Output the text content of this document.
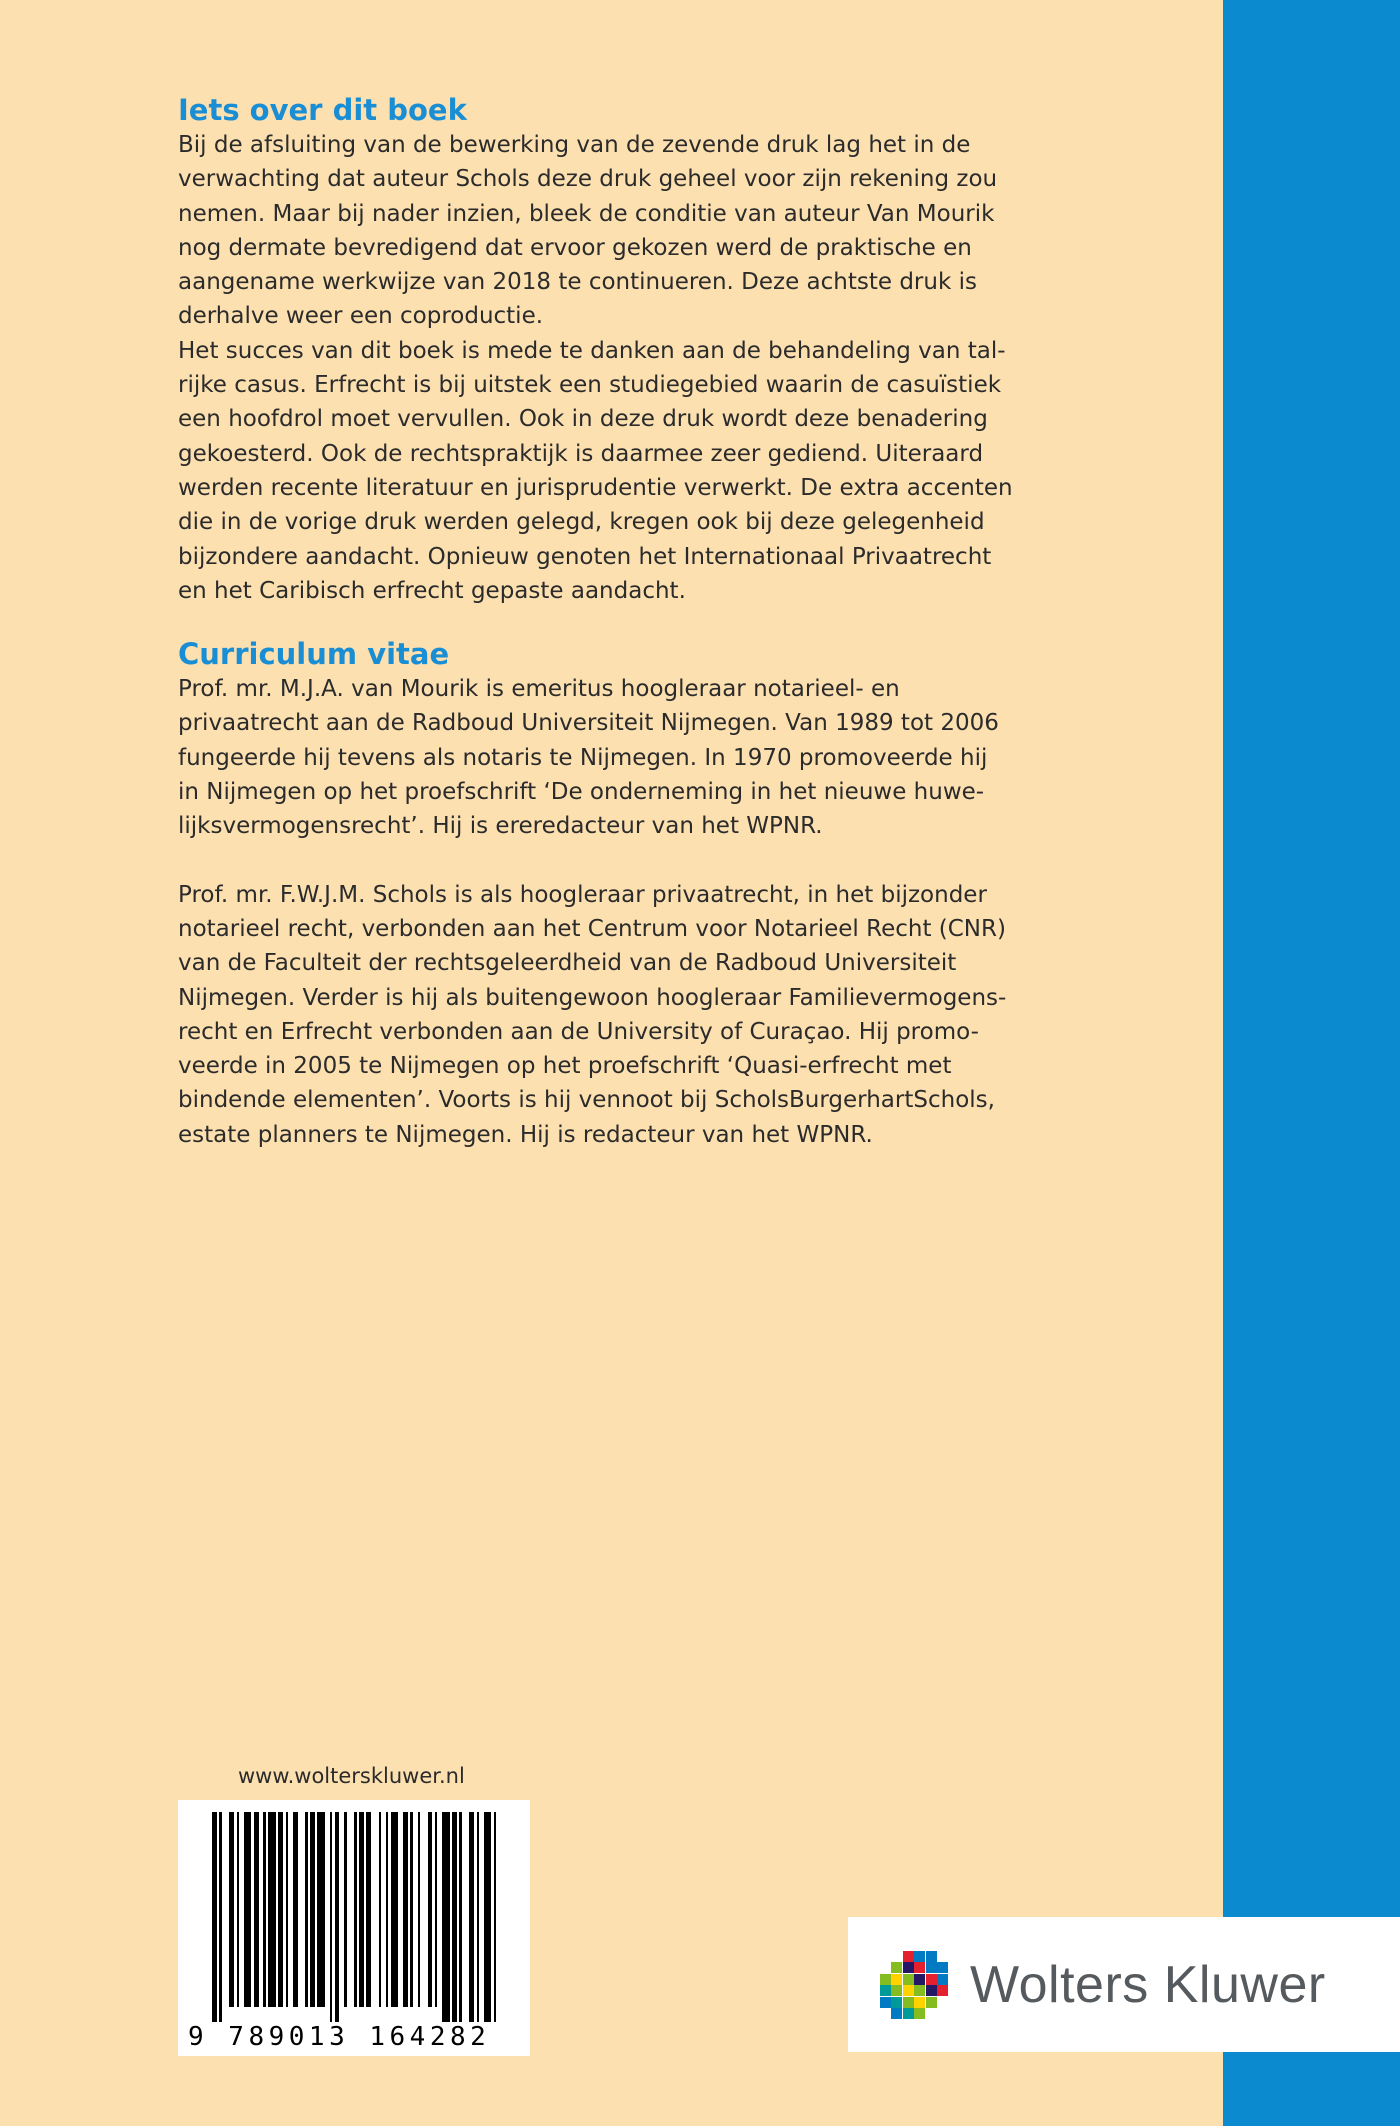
Iets over dit boek

Bij de afsluiting van de bewerking van de zevende druk lag het in de
verwachting dat auteur Schols deze druk geheel voor zijn rekening zou
nemen. Maar bij nader inzien, bleek de conditie van auteur Van Mourik
nog dermate bevredigend dat ervoor gekozen werd de praktische en
aangename werkwijze van 2018 te continueren. Deze achtste druk is
derhalve weer een coproductie.

Het succes van dit boek is mede te danken aan de behandeling van tal-
rijke casus. Erfrecht is bij uitstek een studiegebied waarin de casuïstiek
een hoofdrol moet vervullen. Ook in deze druk wordt deze benadering
gekoesterd. Ook de rechtspraktijk is daarmee zeer gediend. Uiteraard
werden recente literatuur en jurisprudentie verwerkt. De extra accenten
die in de vorige druk werden gelegd, kregen ook bij deze gelegenheid
bijzondere aandacht. Opnieuw genoten het Internationaal Privaatrecht
en het Caribisch erfrecht gepaste aandacht.

Curriculum vitae

Prof. mr. M.J.A. van Mourik is emeritus hoogleraar notarieel- en
privaatrecht aan de Radboud Universiteit Nijmegen. Van 1989 tot 2006
fungeerde hij tevens als notaris te Nijmegen. In 1970 promoveerde hij
in Nijmegen op het proefschrift ‘De onderneming in het nieuwe huwe-
lijksvermogensrecht’. Hij is ereredacteur van het WPNR.

Prof. mr. F.W.J.M. Schols is als hoogleraar privaatrecht, in het bijzonder
notarieel recht, verbonden aan het Centrum voor Notarieel Recht (CNR)
van de Faculteit der rechtsgeleerdheid van de Radboud Universiteit
Nijmegen. Verder is hij als buitengewoon hoogleraar Familievermogens-
recht en Erfrecht verbonden aan de University of Curaçao. Hij promo-
veerde in 2005 te Nijmegen op het proefschrift ‘Quasi-erfrecht met
bindende elementen’. Voorts is hij vennoot bij ScholsBurgerhartSchols,
estate planners te Nijmegen. Hij is redacteur van het WPNR.

www.wolterskluwer.nl
9 789013 164282
Wolters Kluwer
